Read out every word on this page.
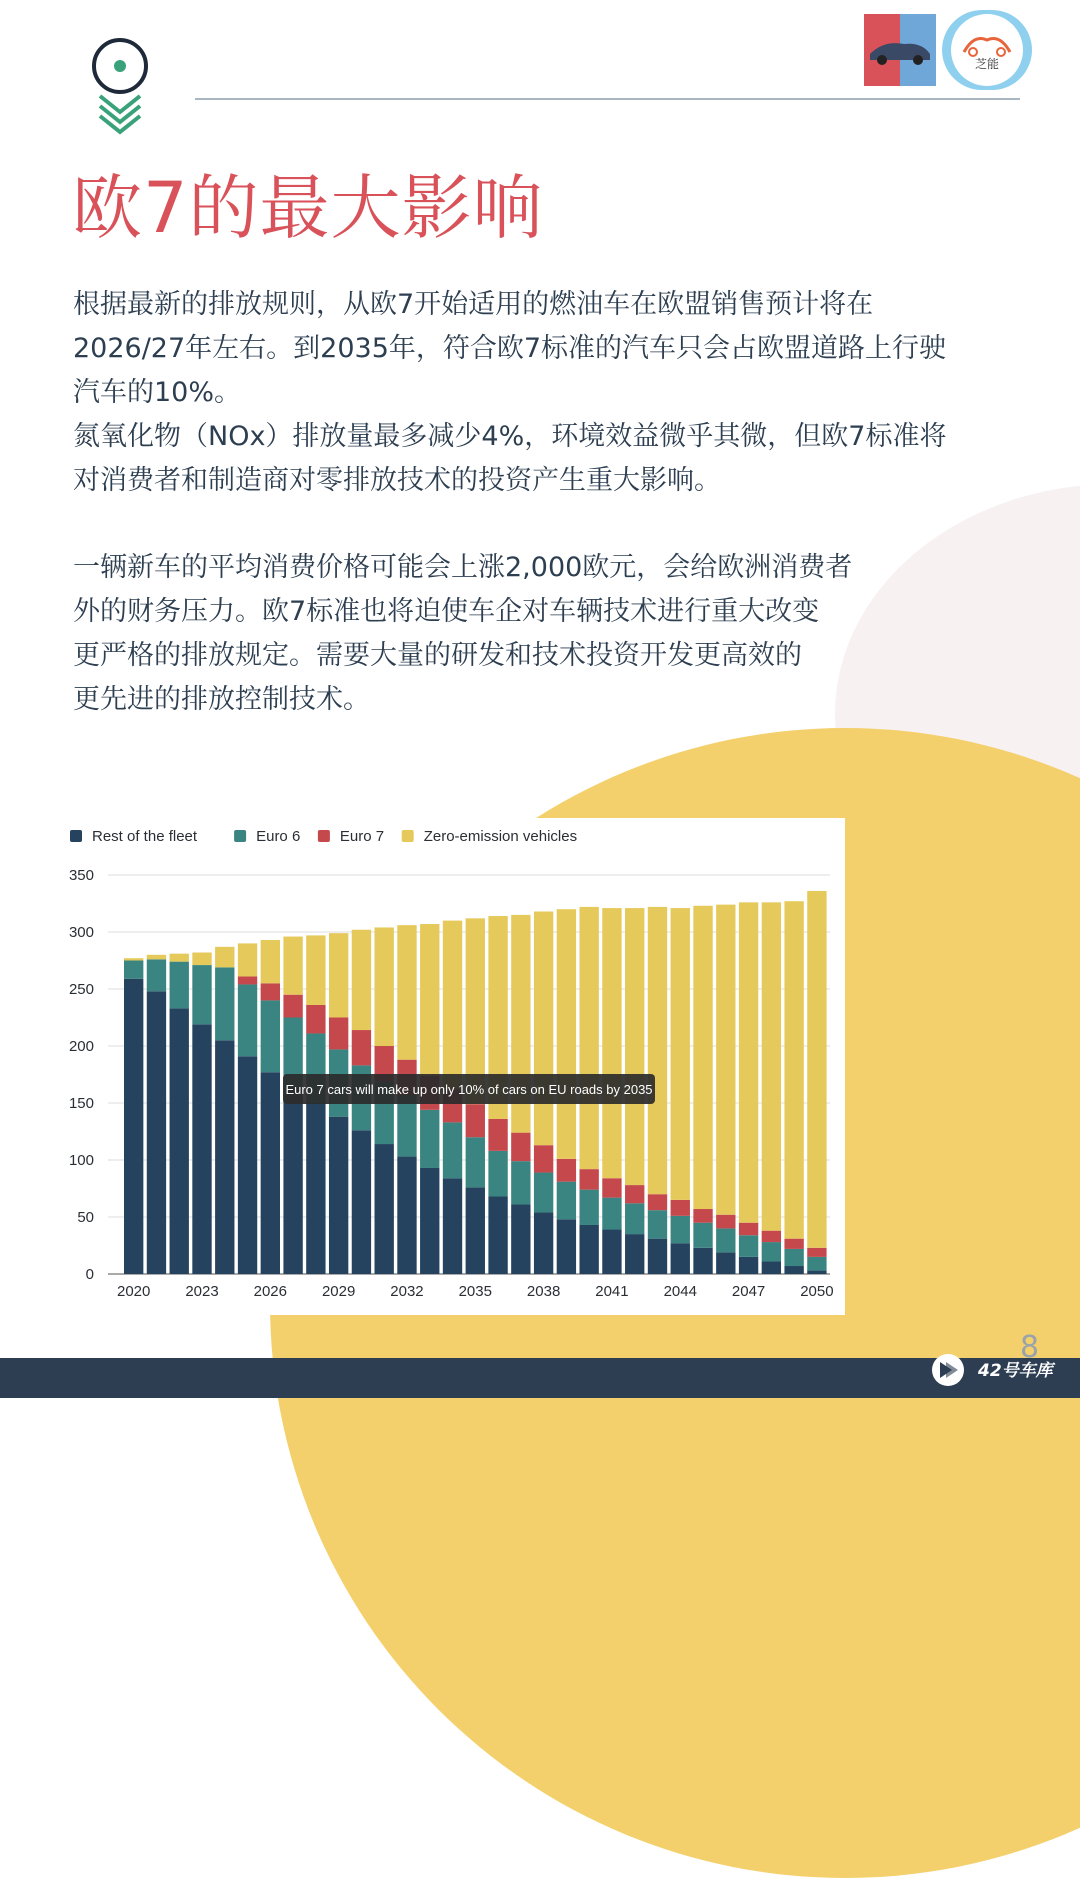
芝能
欧7的最大影响
根据最新的排放规则，从欧7开始适用的燃油车在欧盟销售预计将在
2026/27年左右。到2035年，符合欧7标准的汽车只会占欧盟道路上行驶
汽车的10%。
氮氧化物（NOx）排放量最多减少4%，环境效益微乎其微，但欧7标准将
对消费者和制造商对零排放技术的投资产生重大影响。
一辆新车的平均消费价格可能会上涨2,000欧元，会给欧洲消费者
外的财务压力。欧7标准也将迫使车企对车辆技术进行重大改变
更严格的排放规定。需要大量的研发和技术投资开发更高效的
更先进的排放控制技术。
0
50
100
150
200
250
300
350
2020 2023 2026 2029 2032 2035 2038 2041 2044 2047 2050
Rest of the fleet	Euro 6	Euro 7	Zero-emission vehicles
Euro 7 cars will make up only 10% of cars on EU roads by 2035
8
42号车库
